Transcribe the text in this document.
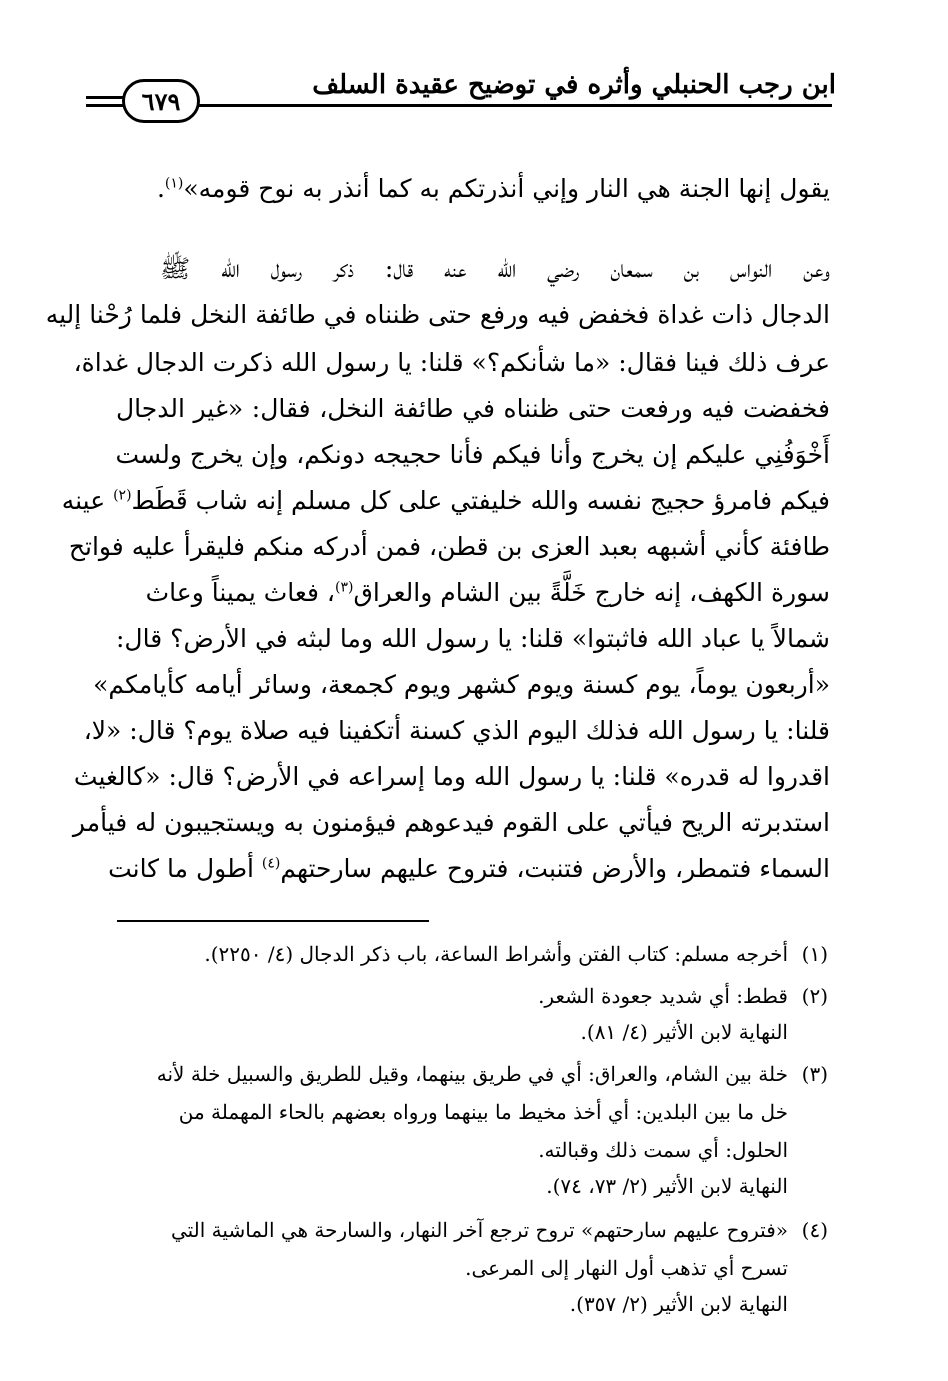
ابن رجب الحنبلي وأثره في توضيح عقيدة السلف
٦٧٩
يقول إنها الجنة هي النار وإني أنذرتكم به كما أنذر به نوح قومه»$^{(١)}$.
وعن النواس بن سمعان رضي الله عنه قال: ذكر رسول الله ﷺ
الدجال ذات غداة فخفض فيه ورفع حتى ظنناه في طائفة النخل فلما رُحْنا إليه
عرف ذلك فينا فقال: «ما شأنكم؟» قلنا: يا رسول الله ذكرت الدجال غداة،
فخفضت فيه ورفعت حتى ظنناه في طائفة النخل، فقال: «غير الدجال
أَخْوَفُنِي عليكم إن يخرج وأنا فيكم فأنا حجيجه دونكم، وإن يخرج ولست
فيكم فامرؤ حجيج نفسه والله خليفتي على كل مسلم إنه شاب قَطَط$^{(٢)}$ عينه
طافئة كأني أشبهه بعبد العزى بن قطن، فمن أدركه منكم فليقرأ عليه فواتح
سورة الكهف، إنه خارج خَلَّةً بين الشام والعراق$^{(٣)}$، فعاث يميناً وعاث
شمالاً يا عباد الله فاثبتوا» قلنا: يا رسول الله وما لبثه في الأرض؟ قال:
«أربعون يوماً، يوم كسنة ويوم كشهر ويوم كجمعة، وسائر أيامه كأيامكم»
قلنا: يا رسول الله فذلك اليوم الذي كسنة أتكفينا فيه صلاة يوم؟ قال: «لا،
اقدروا له قدره» قلنا: يا رسول الله وما إسراعه في الأرض؟ قال: «كالغيث
استدبرته الريح فيأتي على القوم فيدعوهم فيؤمنون به ويستجيبون له فيأمر
السماء فتمطر، والأرض فتنبت، فتروح عليهم سارحتهم$^{(٤)}$ أطول ما كانت
(١)
أخرجه مسلم: كتاب الفتن وأشراط الساعة، باب ذكر الدجال (٤/ ٢٢٥٠).
(٢)
قطط: أي شديد جعودة الشعر.
النهاية لابن الأثير (٤/ ٨١).
(٣)
خلة بين الشام، والعراق: أي في طريق بينهما، وقيل للطريق والسبيل خلة لأنه
خل ما بين البلدين: أي أخذ مخيط ما بينهما ورواه بعضهم بالحاء المهملة من
الحلول: أي سمت ذلك وقبالته.
النهاية لابن الأثير (٢/ ٧٣، ٧٤).
(٤)
«فتروح عليهم سارحتهم» تروح ترجع آخر النهار، والسارحة هي الماشية التي
تسرح أي تذهب أول النهار إلى المرعى.
النهاية لابن الأثير (٢/ ٣٥٧).
